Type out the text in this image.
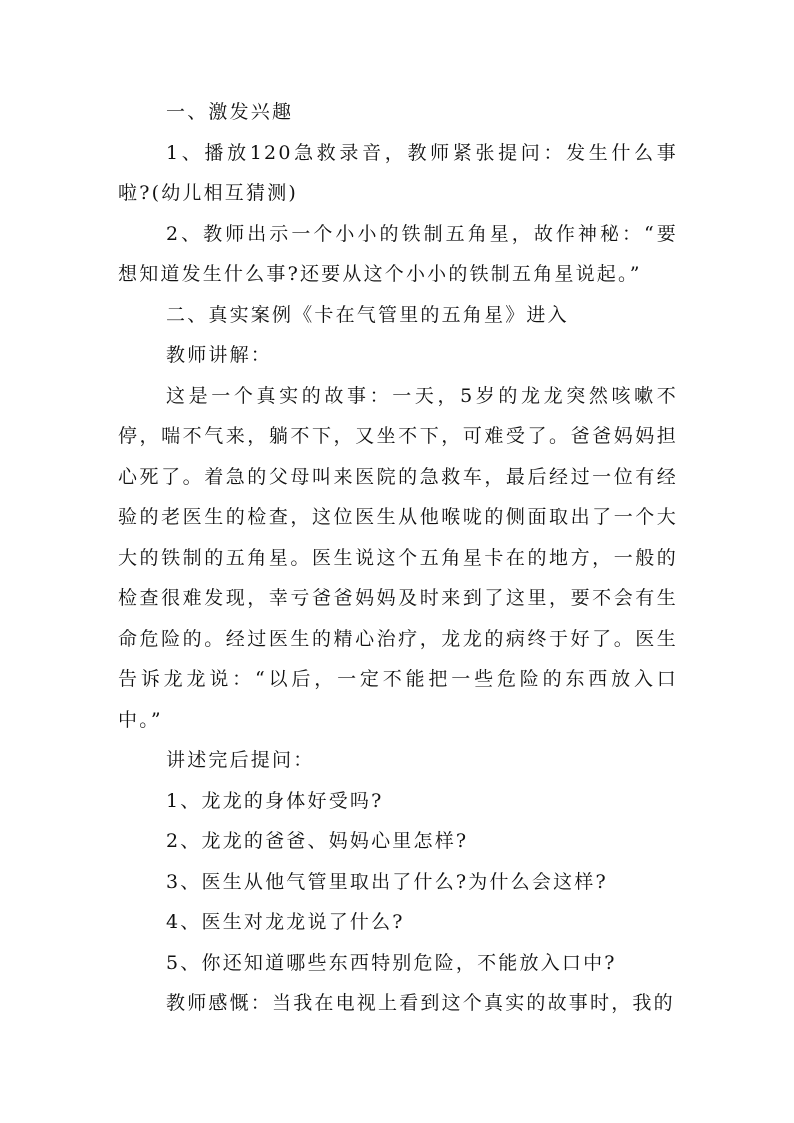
一、激发兴趣

1、播放120急救录音，教师紧张提问：发生什么事啦?(幼儿相互猜测)

2、教师出示一个小小的铁制五角星，故作神秘：“要想知道发生什么事?还要从这个小小的铁制五角星说起。”

二、真实案例《卡在气管里的五角星》进入

教师讲解：

这是一个真实的故事：一天，5岁的龙龙突然咳嗽不停，喘不气来，躺不下，又坐不下，可难受了。爸爸妈妈担心死了。着急的父母叫来医院的急救车，最后经过一位有经验的老医生的检查，这位医生从他喉咙的侧面取出了一个大大的铁制的五角星。医生说这个五角星卡在的地方，一般的检查很难发现，幸亏爸爸妈妈及时来到了这里，要不会有生命危险的。经过医生的精心治疗，龙龙的病终于好了。医生告诉龙龙说：“以后，一定不能把一些危险的东西放入口中。”

讲述完后提问：

1、龙龙的身体好受吗?

2、龙龙的爸爸、妈妈心里怎样?

3、医生从他气管里取出了什么?为什么会这样?

4、医生对龙龙说了什么?

5、你还知道哪些东西特别危险，不能放入口中?

教师感慨：当我在电视上看到这个真实的故事时，我的
